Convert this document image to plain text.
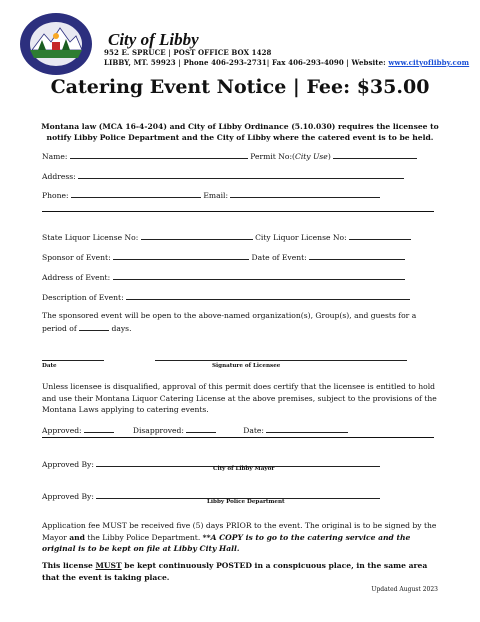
City of Libby
952 E. SPRUCE | POST OFFICE BOX 1428
LIBBY, MT. 59923 | Phone 406-293-2731| Fax 406-293-4090 | Website: www.cityoflibby.com
Catering Event Notice | Fee: $35.00
Montana law (MCA 16-4-204) and City of Libby Ordinance (5.10.030) requires the licensee to notify Libby Police Department and the City of Libby where the catered event is to be held.
Name:	Permit No:(City Use)
Address:
Phone:	Email:
State Liquor License No:	City Liquor License No:
Sponsor of Event:	Date of Event:
Address of Event:
Description of Event:
The sponsored event will be open to the above-named organization(s), Group(s), and guests for a period of	days.
Date	Signature of Licensee
Unless licensee is disqualified, approval of this permit does certify that the licensee is entitled to hold and use their Montana Liquor Catering License at the above premises, subject to the provisions of the Montana Laws applying to catering events.
Approved:	Disapproved:	Date:
Approved By:	City of Libby Mayor
Approved By:
Libby Police Department
Application fee MUST be received five (5) days PRIOR to the event. The original is to be signed by the Mayor and the Libby Police Department. **A COPY is to go to the catering service and the original is to be kept on file at Libby City Hall.
This license MUST be kept continuously POSTED in a conspicuous place, in the same area that the event is taking place.
Updated August 2023
